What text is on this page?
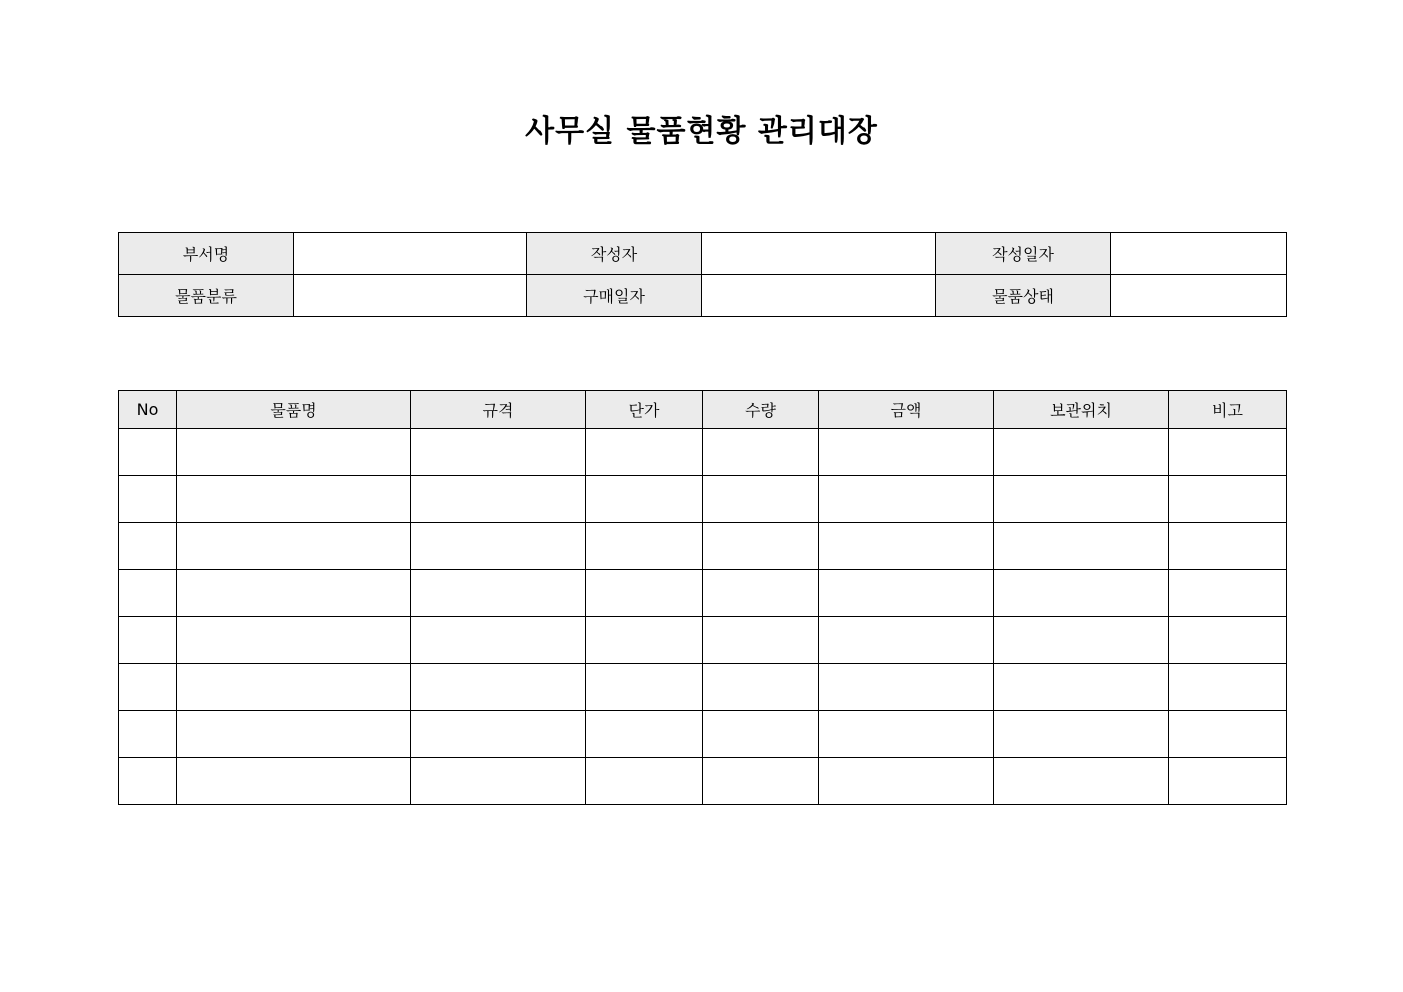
사무실 물품현황 관리대장
부서명		작성자		작성일자	
물품분류		구매일자		물품상태	
No	물품명	규격	단가	수량	금액	보관위치	비고
